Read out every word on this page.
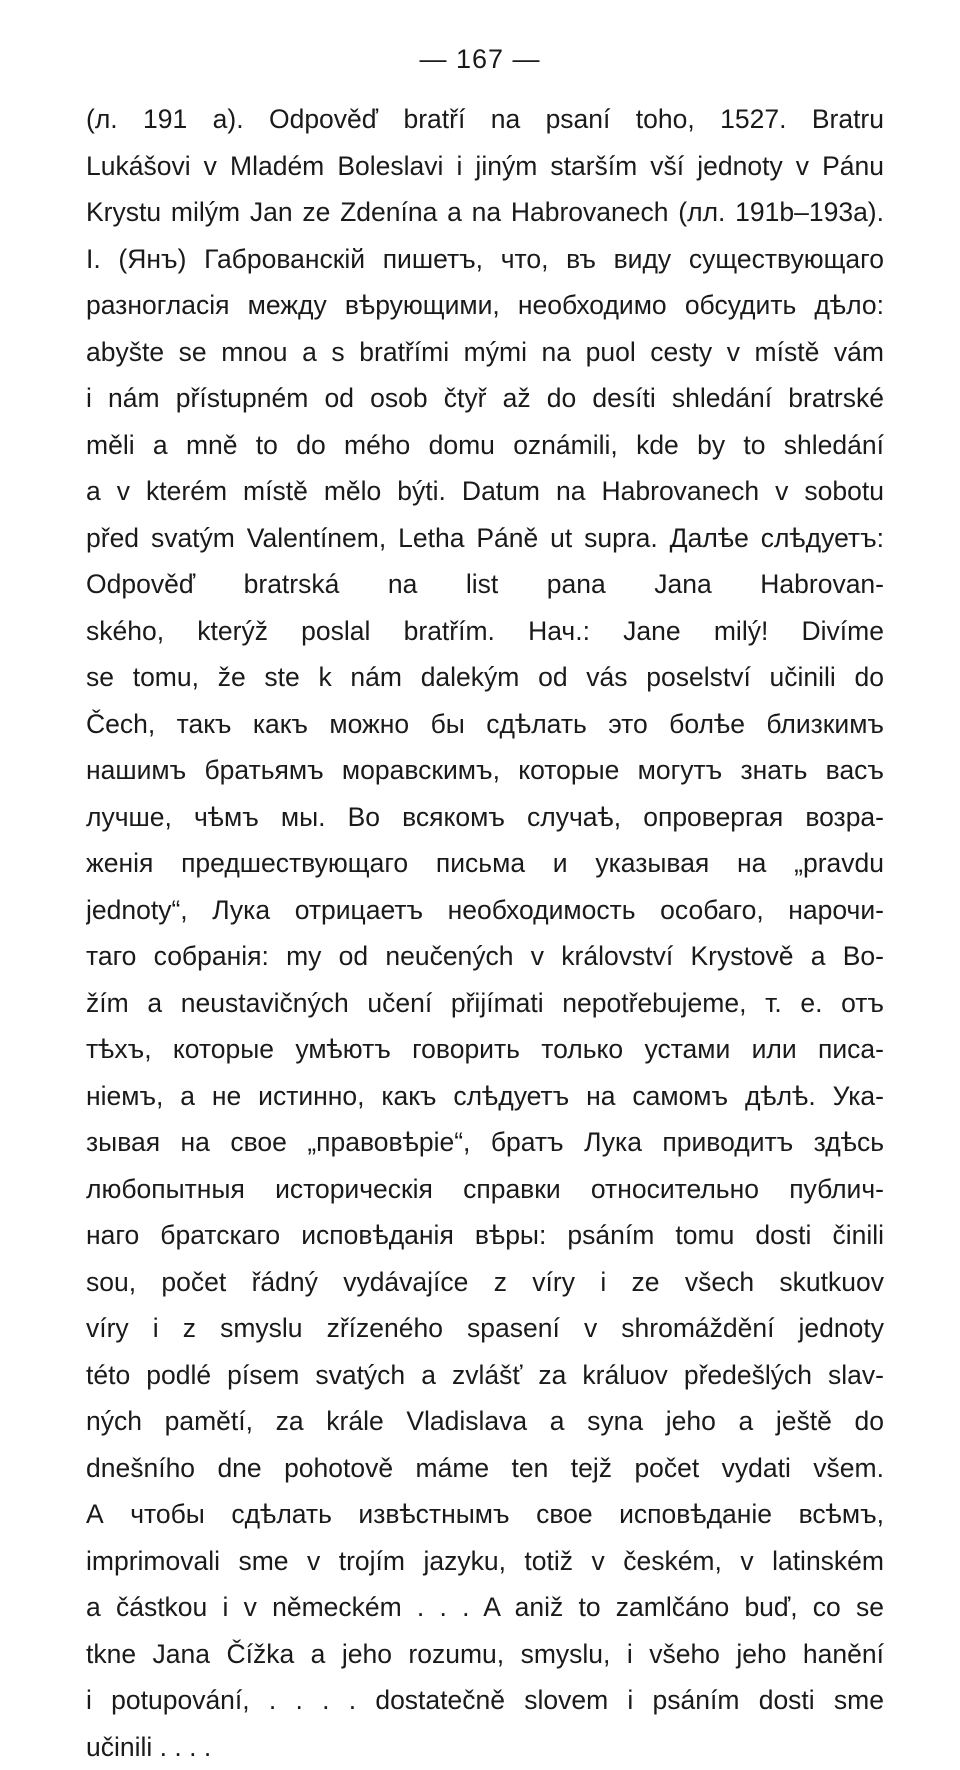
— 167 —
(л. 191 а). Odpověď bratří na psaní toho, 1527. Bratru
Lukášovi v Mladém Boleslavi i jiným starším vší jednoty v Pánu
Krystu milým Jan ze Zdenína a na Habrovanech (лл. 191b–193a).
I. (Янъ) Габрованскій пишетъ, что, въ виду существующаго
разногласія между вѣрующими, необходимо обсудить дѣло:
abyšte se mnou a s bratřími mými na puol cesty v místě vám
i nám přístupném od osob čtyř až do desíti shledání bratrské
měli a mně to do mého domu oznámili, kde by to shledání
a v kterém místě mělo býti. Datum na Habrovanech v sobotu
před svatým Valentínem, Letha Páně ut supra. Далѣе слѣдуетъ:
Odpověď bratrská na list pana Jana Habrovan-
ského, kterýž poslal bratřím. Нач.: Jane milý! Divíme
se tomu, že ste k nám dalekým od vás poselství učinili do
Čech, такъ какъ можно бы сдѣлать это болѣе близкимъ
нашимъ братьямъ моравскимъ, которые могутъ знать васъ
лучше, чѣмъ мы. Во всякомъ случаѣ, опровергая возра-
женія предшествующаго письма и указывая на „pravdu
jednoty“, Лука отрицаетъ необходимость особаго, нарочи-
таго собранія: my od neučených v království Krystově a Bo-
žím a neustavičných učení přijímati nepotřebujeme, т. е. отъ
тѣхъ, которые умѣютъ говорить только устами или писа-
ніемъ, а не истинно, какъ слѣдуетъ на самомъ дѣлѣ. Ука-
зывая на свое „правовѣріе“, братъ Лука приводитъ здѣсь
любопытныя историческія справки относительно публич-
наго братскаго исповѣданія вѣры: psáním tomu dosti činili
sou, počet řádný vydávajíce z víry i ze všech skutkuov
víry i z smyslu zřízeného spasení v shromáždění jednoty
této podlé písem svatých a zvlášť za králuov předešlých slav-
ných pamětí, za krále Vladislava a syna jeho a ještě do
dnešního dne pohotově máme ten tejž počet vydati všem.
А чтобы сдѣлать извѣстнымъ свое исповѣданіе всѣмъ,
imprimovali sme v trojím jazyku, totiž v českém, v latinském
a částkou i v německém . . . A aniž to zamlčáno buď, co se
tkne Jana Čížka a jeho rozumu, smyslu, i všeho jeho hanění
i potupování, . . . . dostatečně slovem i psáním dosti sme
učinili . . . .
